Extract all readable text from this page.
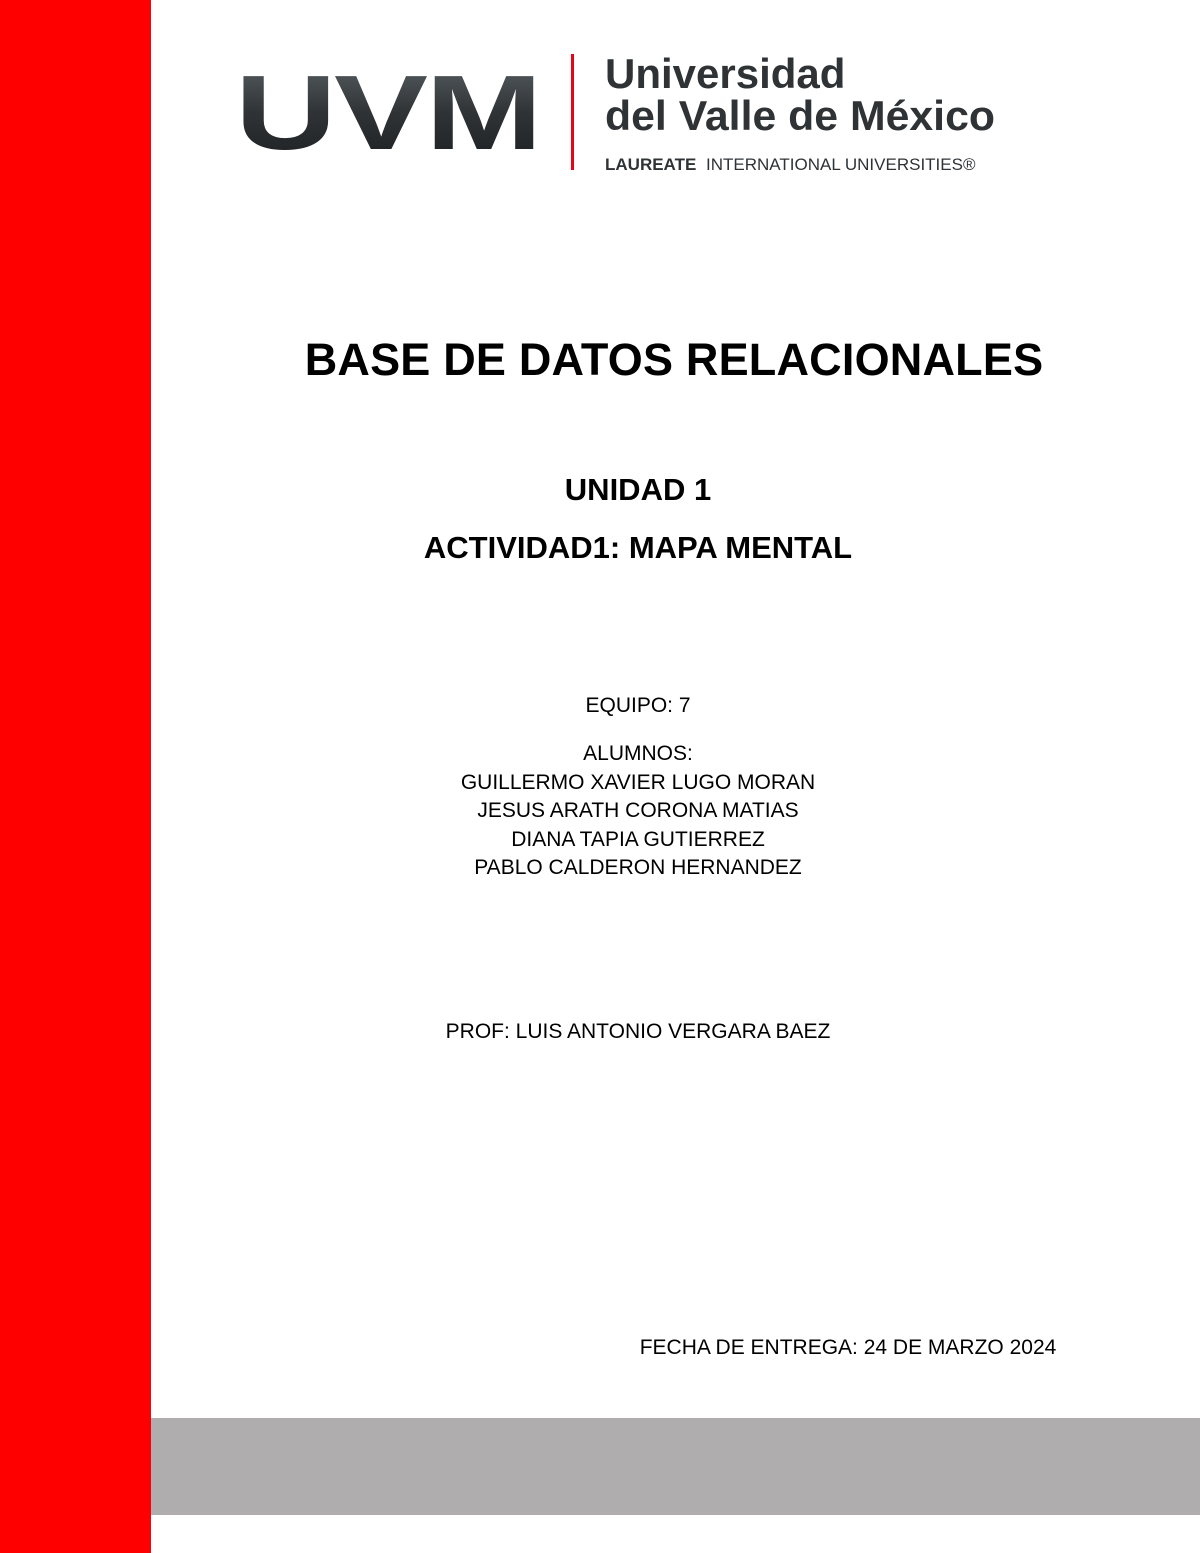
UVM Universidad
del Valle de México
LAUREATE INTERNATIONAL UNIVERSITIES®
BASE DE DATOS RELACIONALES
UNIDAD 1
ACTIVIDAD1: MAPA MENTAL
EQUIPO: 7
ALUMNOS:
GUILLERMO XAVIER LUGO MORAN
JESUS ARATH CORONA MATIAS
DIANA TAPIA GUTIERREZ
PABLO CALDERON HERNANDEZ
PROF: LUIS ANTONIO VERGARA BAEZ
FECHA DE ENTREGA: 24 DE MARZO 2024
